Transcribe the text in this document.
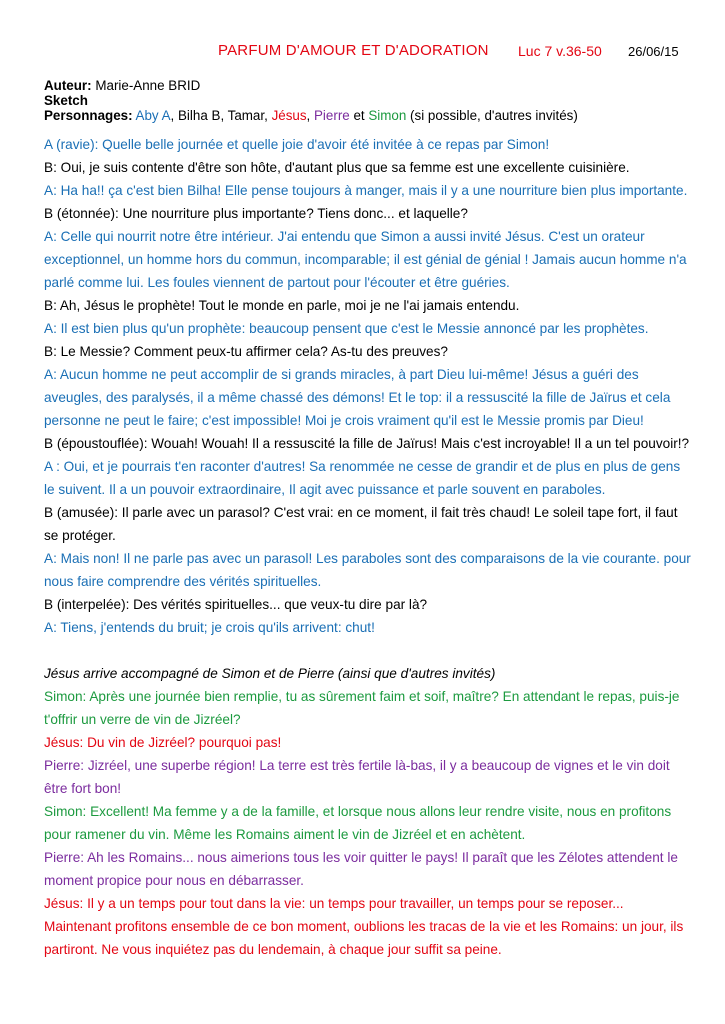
PARFUM D'AMOUR ET D'ADORATION Luc 7 v.36-50 26/06/15
Auteur: Marie-Anne BRID
Sketch
Personnages: Aby A, Bilha B, Tamar, Jésus, Pierre et Simon (si possible, d'autres invités)
A (ravie): Quelle belle journée et quelle joie d'avoir été invitée à ce repas par Simon!
B: Oui, je suis contente d'être son hôte, d'autant plus que sa femme est une excellente cuisinière.
A: Ha ha!! ça c'est bien Bilha! Elle pense toujours à manger, mais il y a une nourriture bien plus importante.
B (étonnée): Une nourriture plus importante? Tiens donc... et laquelle?
A: Celle qui nourrit notre être intérieur. J'ai entendu que Simon a aussi invité Jésus. C'est un orateur
exceptionnel, un homme hors du commun, incomparable; il est génial de génial ! Jamais aucun homme n'a
parlé comme lui. Les foules viennent de partout pour l'écouter et être guéries.
B: Ah, Jésus le prophète! Tout le monde en parle, moi je ne l'ai jamais entendu.
A: Il est bien plus qu'un prophète: beaucoup pensent que c'est le Messie annoncé par les prophètes.
B: Le Messie? Comment peux-tu affirmer cela? As-tu des preuves?
A: Aucun homme ne peut accomplir de si grands miracles, à part Dieu lui-même! Jésus a guéri des
aveugles, des paralysés, il a même chassé des démons! Et le top: il a ressuscité la fille de Jaïrus et cela
personne ne peut le faire; c'est impossible! Moi je crois vraiment qu'il est le Messie promis par Dieu!
B (époustouflée): Wouah! Wouah! Il a ressuscité la fille de Jaïrus! Mais c'est incroyable! Il a un tel pouvoir!?
A : Oui, et je pourrais t'en raconter d'autres! Sa renommée ne cesse de grandir et de plus en plus de gens
le suivent. Il a un pouvoir extraordinaire, Il agit avec puissance et parle souvent en paraboles.
B (amusée): Il parle avec un parasol? C'est vrai: en ce moment, il fait très chaud! Le soleil tape fort, il faut
se protéger.
A: Mais non! Il ne parle pas avec un parasol! Les paraboles sont des comparaisons de la vie courante. pour
nous faire comprendre des vérités spirituelles.
B (interpelée): Des vérités spirituelles... que veux-tu dire par là?
A: Tiens, j'entends du bruit; je crois qu'ils arrivent: chut!
Jésus arrive accompagné de Simon et de Pierre (ainsi que d'autres invités)
Simon: Après une journée bien remplie, tu as sûrement faim et soif, maître? En attendant le repas, puis-je
t'offrir un verre de vin de Jizréel?
Jésus: Du vin de Jizréel? pourquoi pas!
Pierre: Jizréel, une superbe région! La terre est très fertile là-bas, il y a beaucoup de vignes et le vin doit
être fort bon!
Simon: Excellent! Ma femme y a de la famille, et lorsque nous allons leur rendre visite, nous en profitons
pour ramener du vin. Même les Romains aiment le vin de Jizréel et en achètent.
Pierre: Ah les Romains... nous aimerions tous les voir quitter le pays! Il paraît que les Zélotes attendent le
moment propice pour nous en débarrasser.
Jésus: Il y a un temps pour tout dans la vie: un temps pour travailler, un temps pour se reposer...
Maintenant profitons ensemble de ce bon moment, oublions les tracas de la vie et les Romains: un jour, ils
partiront. Ne vous inquiétez pas du lendemain, à chaque jour suffit sa peine.
